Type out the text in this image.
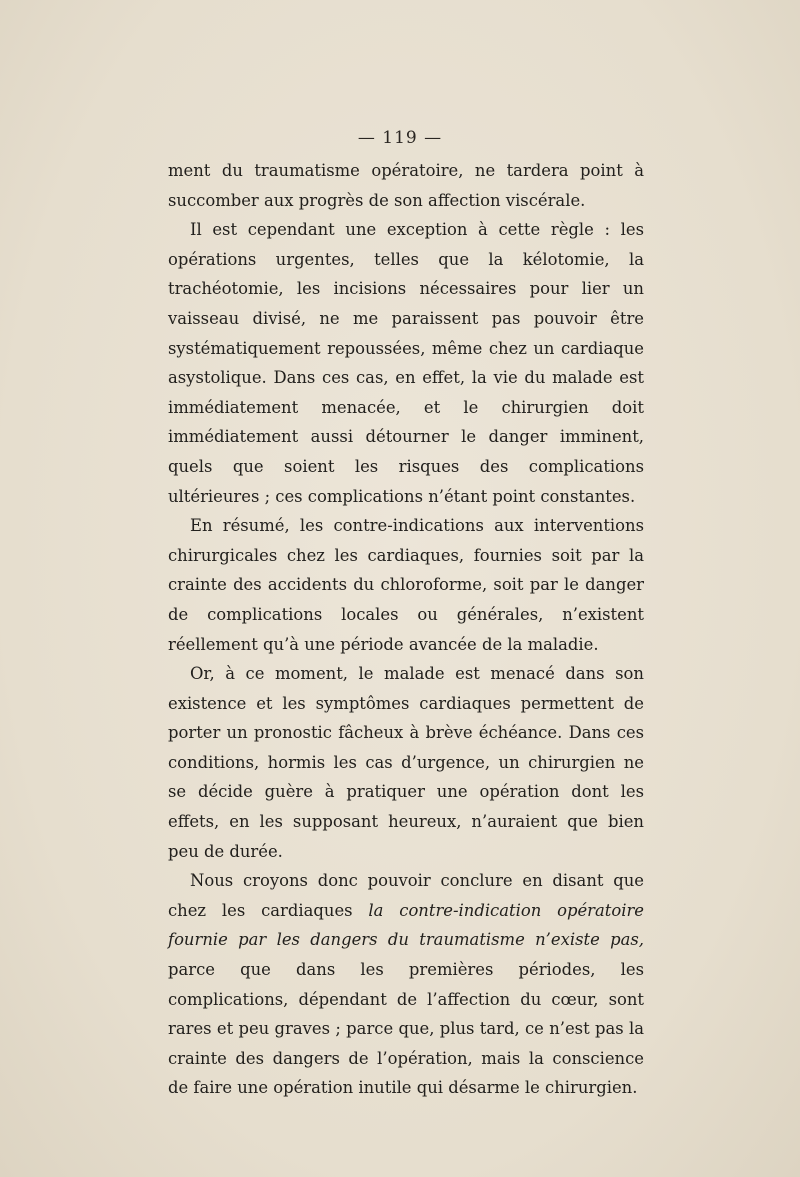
— 119 —

ment du traumatisme opératoire, ne tardera point à succomber aux progrès de son affection viscérale.

Il est cependant une exception à cette règle : les opérations urgentes, telles que la kélotomie, la trachéotomie, les incisions nécessaires pour lier un vaisseau divisé, ne me paraissent pas pouvoir être systématiquement repoussées, même chez un cardiaque asystolique. Dans ces cas, en effet, la vie du malade est immédiatement menacée, et le chirurgien doit immédiatement aussi détourner le danger imminent, quels que soient les risques des complications ultérieures ; ces complications n’étant point constantes.

En résumé, les contre-indications aux interventions chirurgicales chez les cardiaques, fournies soit par la crainte des accidents du chloroforme, soit par le danger de complications locales ou générales, n’existent réellement qu’à une période avancée de la maladie.

Or, à ce moment, le malade est menacé dans son existence et les symptômes cardiaques permettent de porter un pronostic fâcheux à brève échéance. Dans ces conditions, hormis les cas d’urgence, un chirurgien ne se décide guère à pratiquer une opération dont les effets, en les supposant heureux, n’auraient que bien peu de durée.

Nous croyons donc pouvoir conclure en disant que chez les cardiaques la contre-indication opératoire fournie par les dangers du traumatisme n’existe pas, parce que dans les premières périodes, les complications, dépendant de l’affection du cœur, sont rares et peu graves ; parce que, plus tard, ce n’est pas la crainte des dangers de l’opération, mais la conscience de faire une opération inutile qui désarme le chirurgien.
